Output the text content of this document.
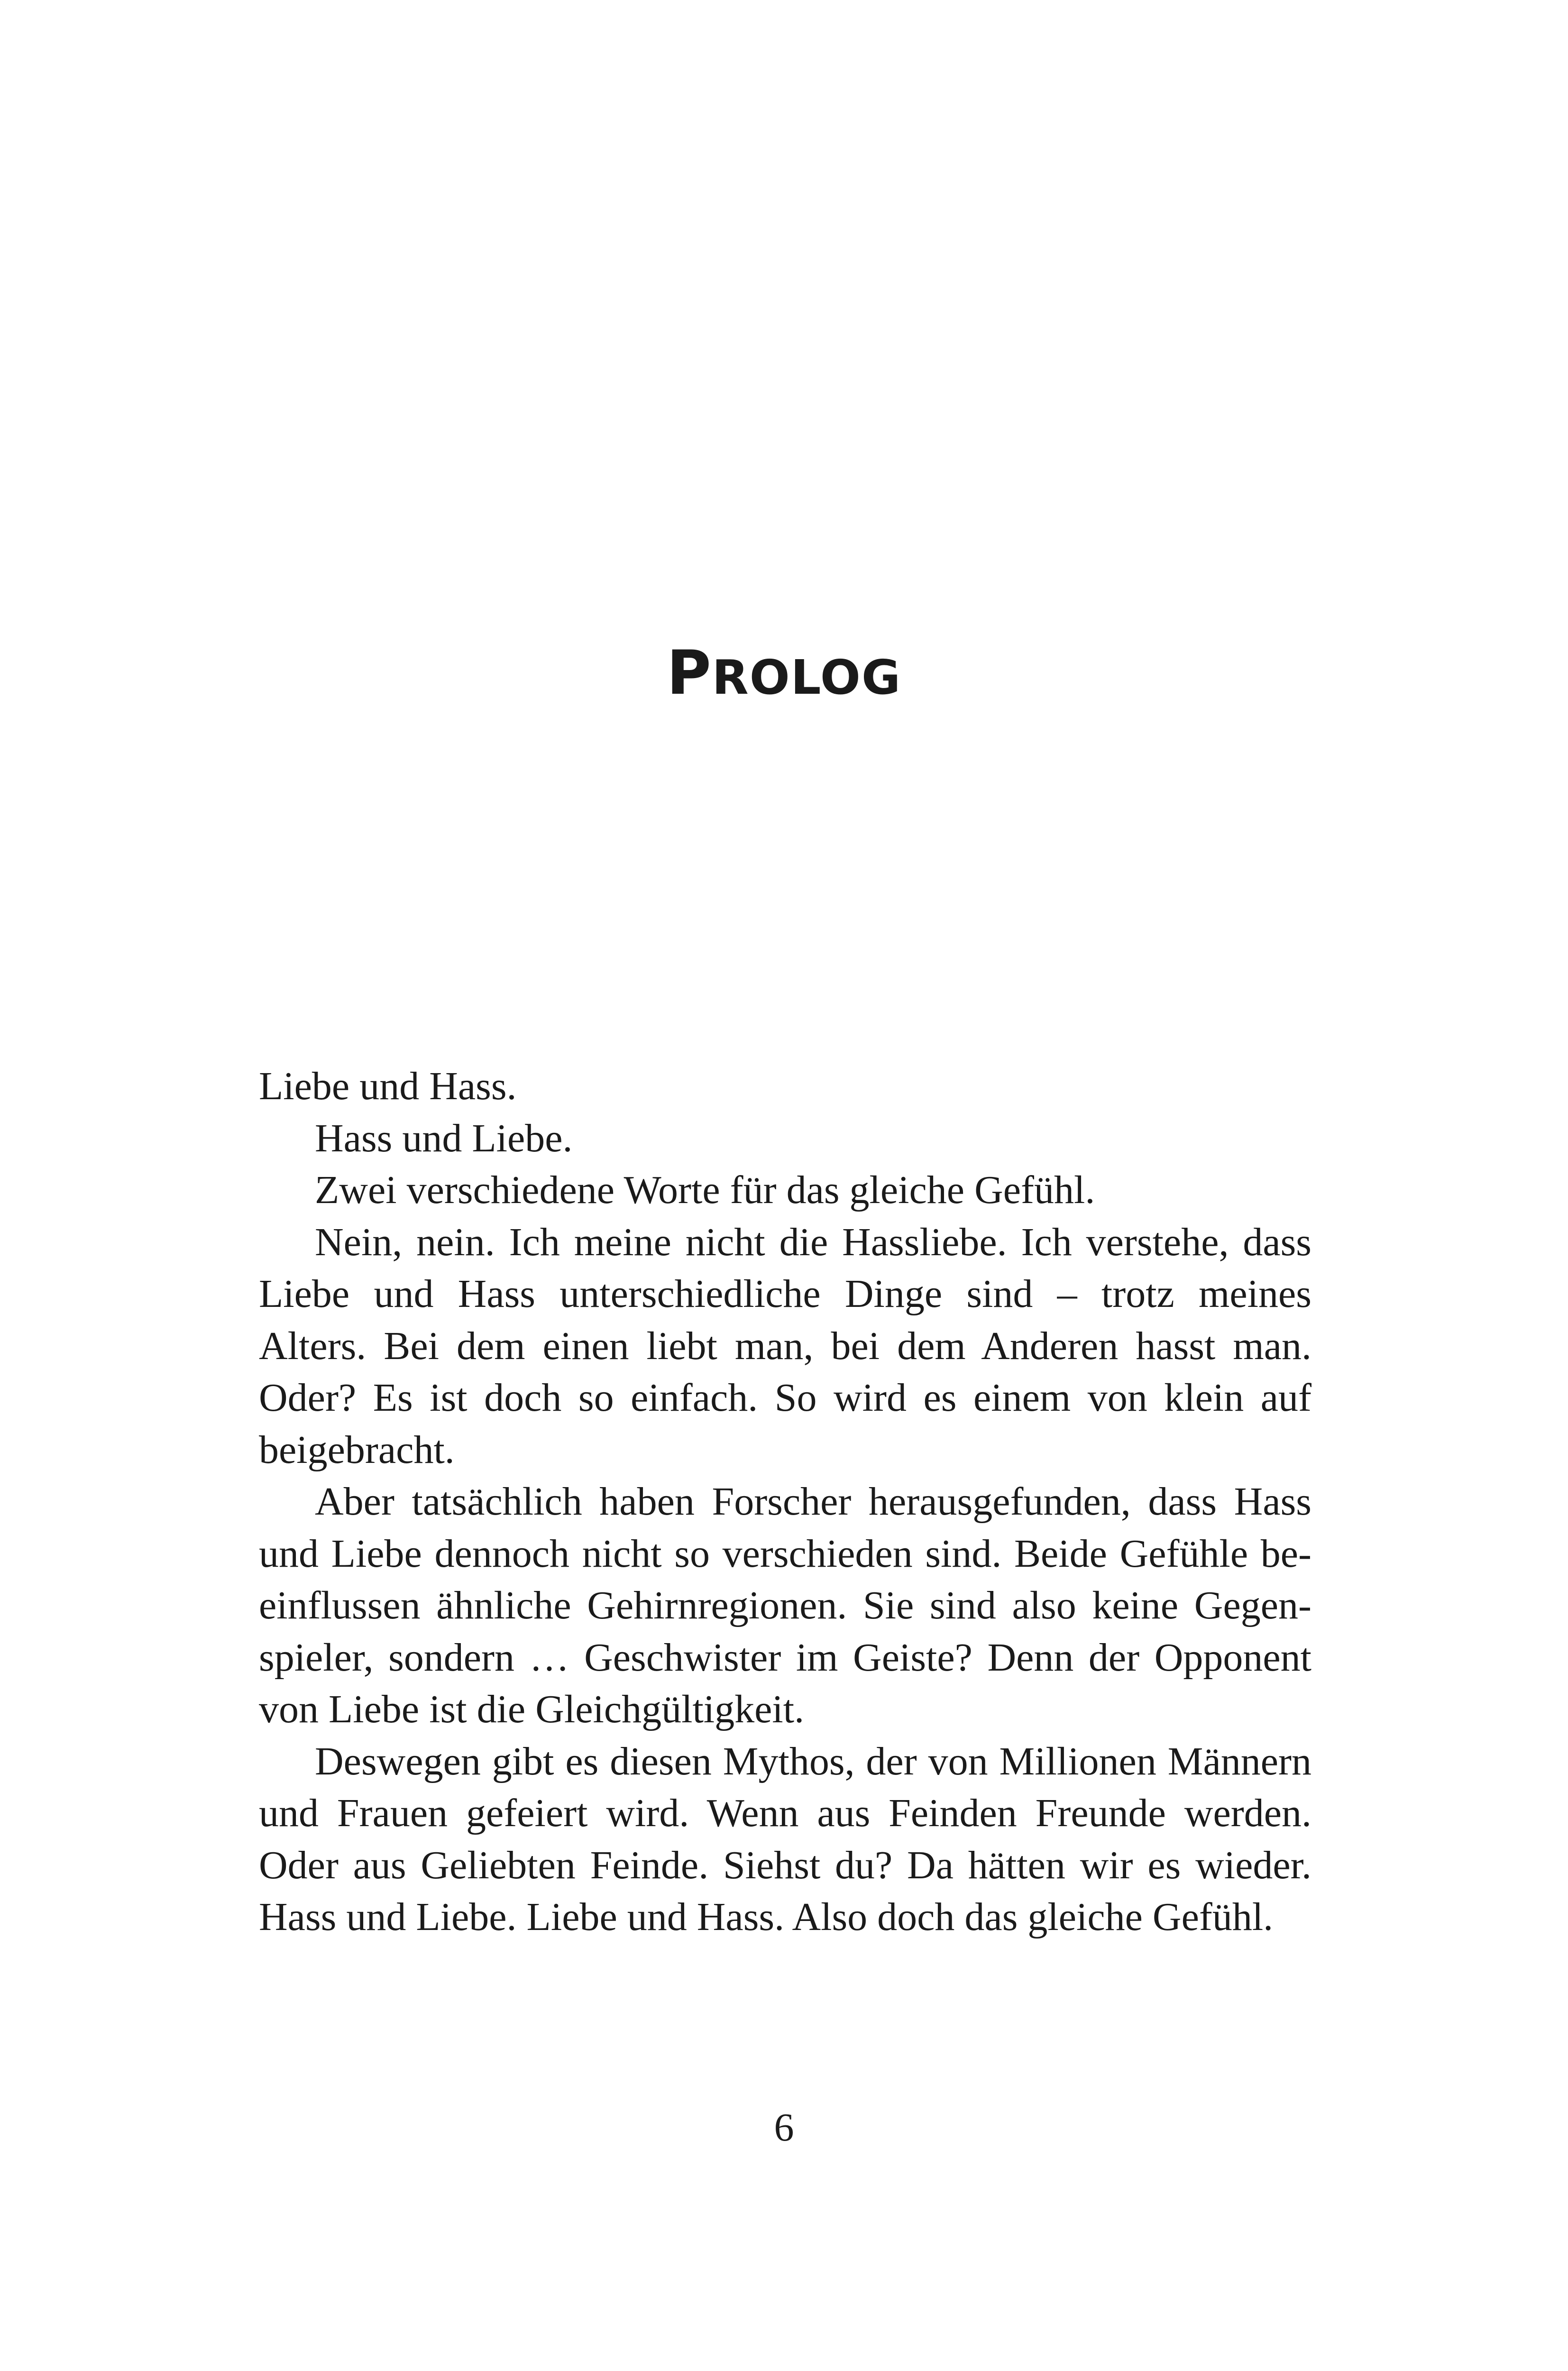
PROLOG

Liebe und Hass.

Hass und Liebe.

Zwei verschiedene Worte für das gleiche Gefühl.

Nein, nein. Ich meine nicht die Hassliebe. Ich verstehe, dass Liebe und Hass unterschiedliche Dinge sind – trotz meines Alters. Bei dem einen liebt man, bei dem Anderen hasst man. Oder? Es ist doch so einfach. So wird es einem von klein auf beigebracht.

Aber tatsächlich haben Forscher herausgefunden, dass Hass und Liebe dennoch nicht so verschieden sind. Beide Gefühle beeinflussen ähnliche Gehirnregionen. Sie sind also keine Gegenspieler, sondern … Geschwister im Geiste? Denn der Opponent von Liebe ist die Gleichgültigkeit.

Deswegen gibt es diesen Mythos, der von Millionen Männern und Frauen gefeiert wird. Wenn aus Feinden Freunde werden. Oder aus Geliebten Feinde. Siehst du? Da hätten wir es wieder. Hass und Liebe. Liebe und Hass. Also doch das gleiche Gefühl.

6
